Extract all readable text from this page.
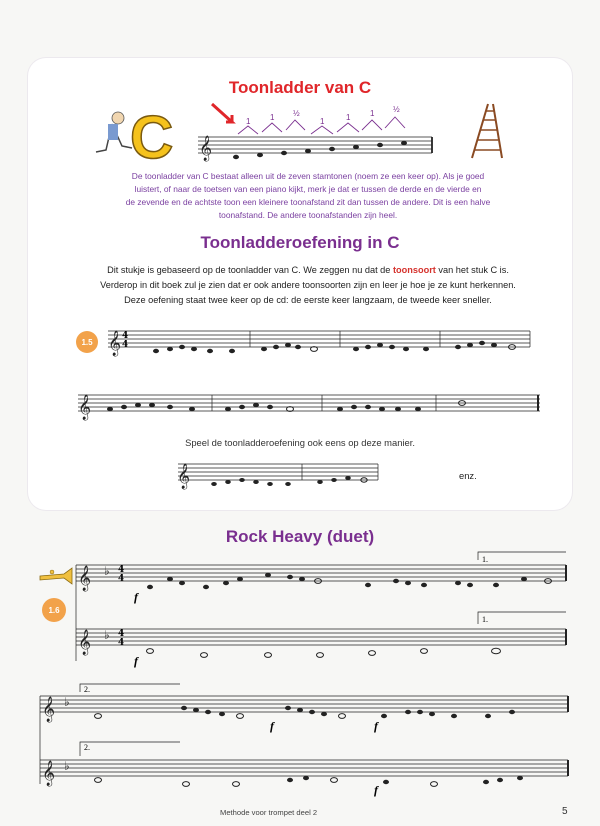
Toonladder van C
C 𝄞
1 1 ½
1	1 1 ½
𝄞 4
4
𝄞
𝄞
𝄞
𝄞
♭
♭
4
4
4
4
1.
1.
f
f
𝄞
𝄞
♭
♭
2.
2.
f	f
f
De toonladder van C bestaat alleen uit de zeven stamtonen (noem ze een keer op). Als je goed
luistert, of naar de toetsen van een piano kijkt, merk je dat er tussen de derde en de vierde en
de zevende en de achtste toon een kleinere toonafstand zit dan tussen de andere. Dit is een halve
toonafstand. De andere toonafstanden zijn heel.
Toonladderoefening in C
Dit stukje is gebaseerd op de toonladder van C. We zeggen nu dat de toonsoort van het stuk C is.
Verderop in dit boek zul je zien dat er ook andere toonsoorten zijn en leer je hoe je ze kunt herkennen.
Deze oefening staat twee keer op de cd: de eerste keer langzaam, de tweede keer sneller.
1.5
Speel de toonladderoefening ook eens op deze manier.
enz.
Rock Heavy (duet)
1.6
Methode voor trompet deel 2	5
